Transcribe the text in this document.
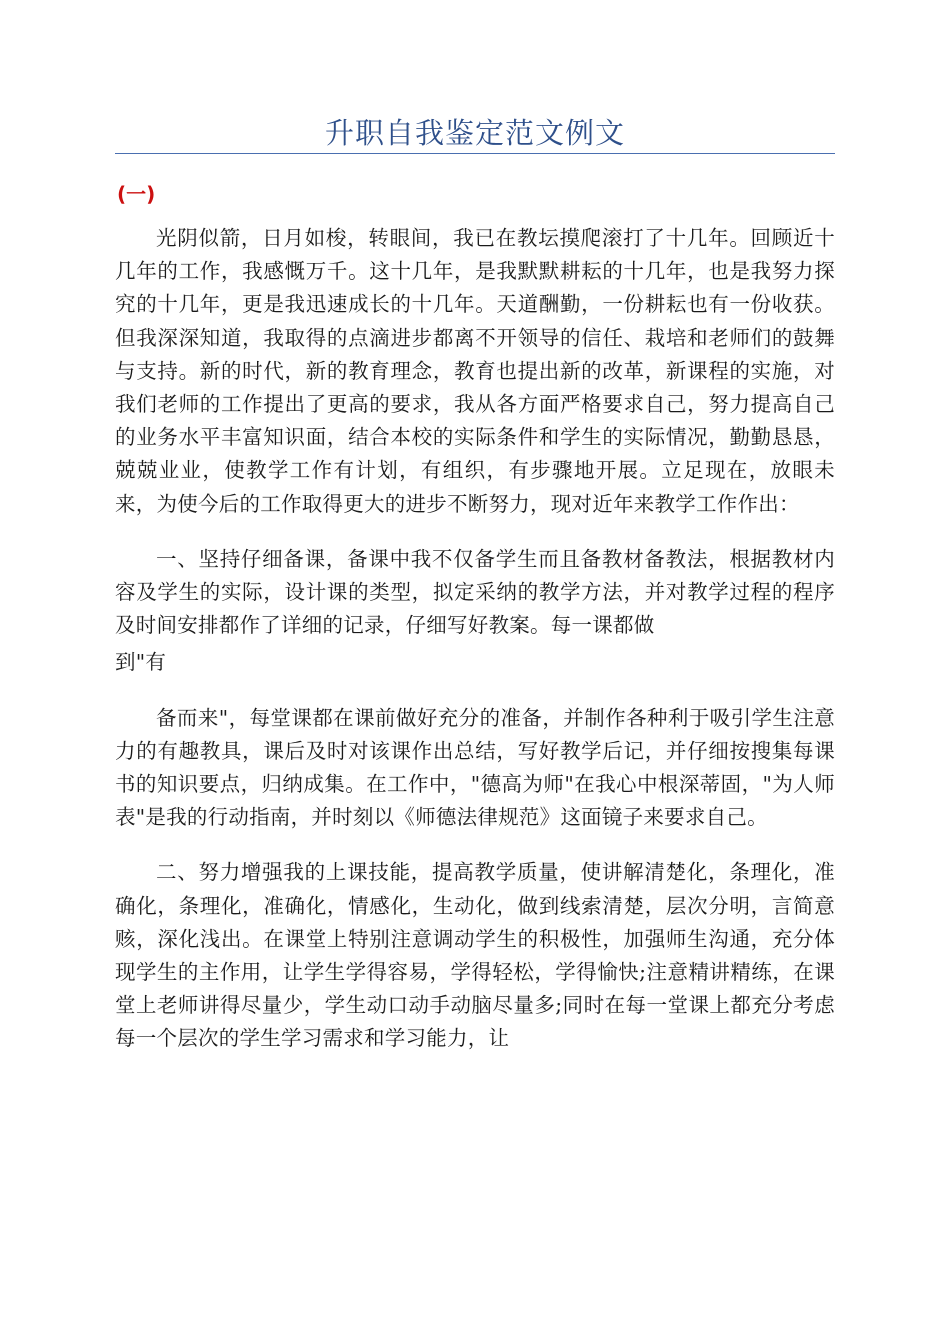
升职自我鉴定范文例文

(一)

光阴似箭，日月如梭，转眼间，我已在教坛摸爬滚打了十几年。回顾近十几年的工作，我感慨万千。这十几年，是我默默耕耘的十几年，也是我努力探究的十几年，更是我迅速成长的十几年。天道酬勤，一份耕耘也有一份收获。但我深深知道，我取得的点滴进步都离不开领导的信任、栽培和老师们的鼓舞与支持。新的时代，新的教育理念，教育也提出新的改革，新课程的实施，对我们老师的工作提出了更高的要求，我从各方面严格要求自己，努力提高自己的业务水平丰富知识面，结合本校的实际条件和学生的实际情况，勤勤恳恳，兢兢业业，使教学工作有计划，有组织，有步骤地开展。立足现在，放眼未来，为使今后的工作取得更大的进步不断努力，现对近年来教学工作作出：

一、坚持仔细备课，备课中我不仅备学生而且备教材备教法，根据教材内容及学生的实际，设计课的类型，拟定采纳的教学方法，并对教学过程的程序及时间安排都作了详细的记录，仔细写好教案。每一课都做

到"有

备而来"，每堂课都在课前做好充分的准备，并制作各种利于吸引学生注意力的有趣教具，课后及时对该课作出总结，写好教学后记，并仔细按搜集每课书的知识要点，归纳成集。在工作中，"德高为师"在我心中根深蒂固，"为人师表"是我的行动指南，并时刻以《师德法律规范》这面镜子来要求自己。

二、努力增强我的上课技能，提高教学质量，使讲解清楚化，条理化，准确化，条理化，准确化，情感化，生动化，做到线索清楚，层次分明，言简意赅，深化浅出。在课堂上特别注意调动学生的积极性，加强师生沟通，充分体现学生的主作用，让学生学得容易，学得轻松，学得愉快;注意精讲精练，在课堂上老师讲得尽量少，学生动口动手动脑尽量多;同时在每一堂课上都充分考虑每一个层次的学生学习需求和学习能力，让
